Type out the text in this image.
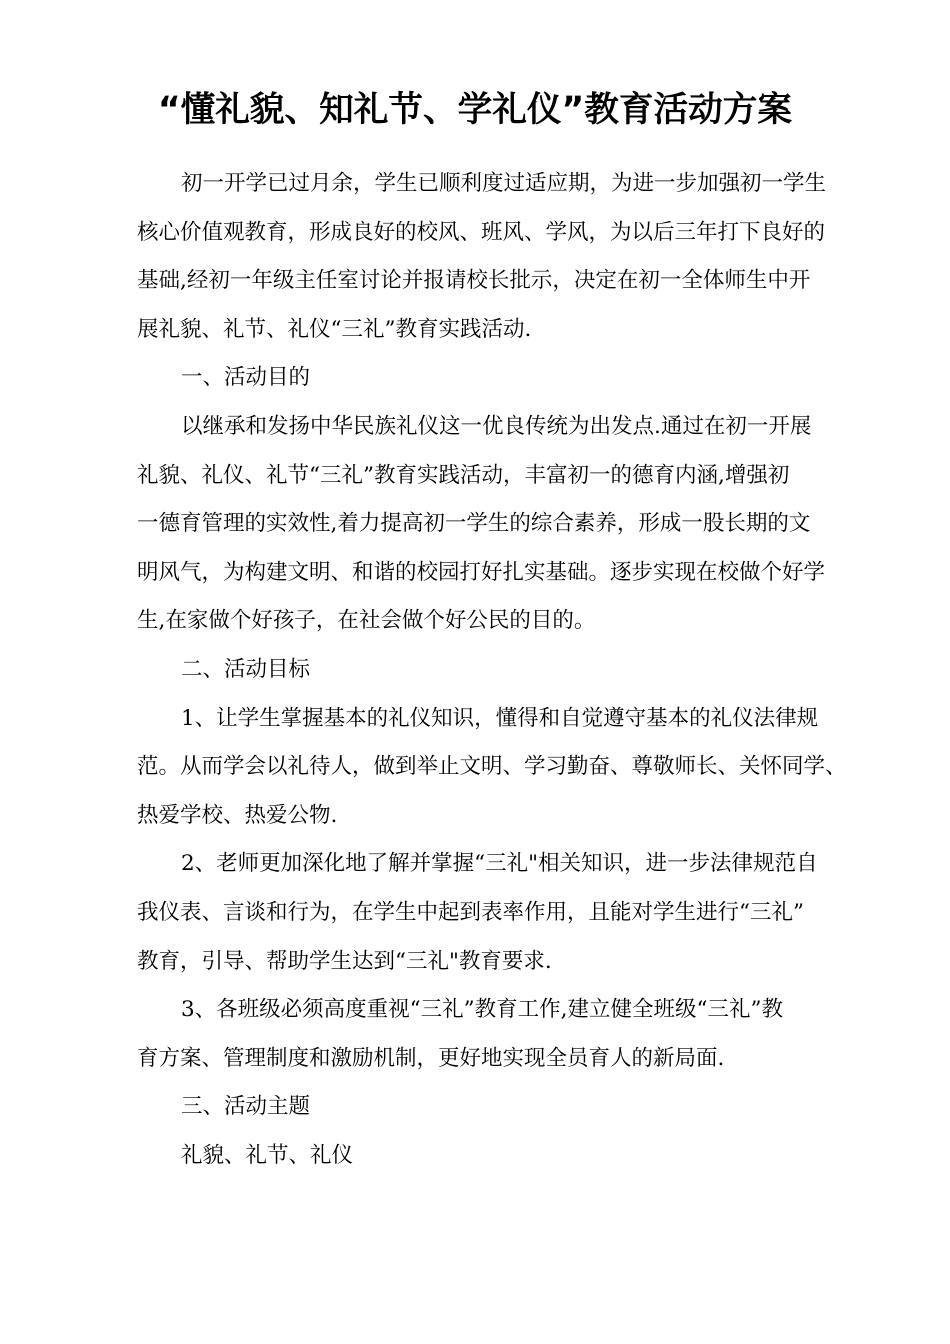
“懂礼貌、知礼节、学礼仪”教育活动方案
初一开学已过月余，学生已顺利度过适应期，为进一步加强初一学生
核心价值观教育，形成良好的校风、班风、学风，为以后三年打下良好的
基础,经初一年级主任室讨论并报请校长批示，决定在初一全体师生中开
展礼貌、礼节、礼仪“三礼”教育实践活动.
一、活动目的
以继承和发扬中华民族礼仪这一优良传统为出发点.通过在初一开展
礼貌、礼仪、礼节“三礼”教育实践活动，丰富初一的德育内涵,增强初
一德育管理的实效性,着力提高初一学生的综合素养，形成一股长期的文
明风气，为构建文明、和谐的校园打好扎实基础。逐步实现在校做个好学
生,在家做个好孩子，在社会做个好公民的目的。
二、活动目标
1、让学生掌握基本的礼仪知识，懂得和自觉遵守基本的礼仪法律规
范。从而学会以礼待人，做到举止文明、学习勤奋、尊敬师长、关怀同学、
热爱学校、热爱公物.
2、老师更加深化地了解并掌握“三礼"相关知识，进一步法律规范自
我仪表、言谈和行为，在学生中起到表率作用，且能对学生进行“三礼”
教育，引导、帮助学生达到“三礼"教育要求.
3、各班级必须高度重视“三礼”教育工作,建立健全班级“三礼”教
育方案、管理制度和激励机制，更好地实现全员育人的新局面.
三、活动主题
礼貌、礼节、礼仪
